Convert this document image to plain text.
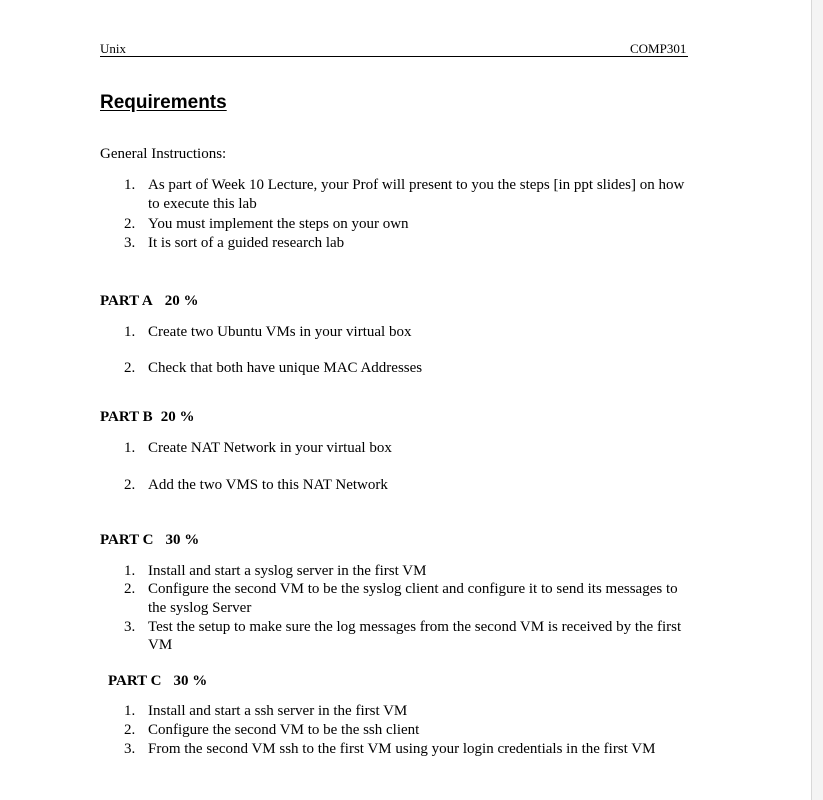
Unix	COMP301
Requirements
General Instructions:
1. As part of Week 10 Lecture, your Prof will present to you the steps [in ppt slides] on how
to execute this lab
2. You must implement the steps on your own
3. It is sort of a guided research lab
PART A 20 %
1. Create two Ubuntu VMs in your virtual box
2. Check that both have unique MAC Addresses
PART B 20 %
1. Create NAT Network in your virtual box
2. Add the two VMS to this NAT Network
PART C 30 %
1. Install and start a syslog server in the first VM
2. Configure the second VM to be the syslog client and configure it to send its messages to
the syslog Server
3. Test the setup to make sure the log messages from the second VM is received by the first
VM
PART C 30 %
1. Install and start a ssh server in the first VM
2. Configure the second VM to be the ssh client
3. From the second VM ssh to the first VM using your login credentials in the first VM
